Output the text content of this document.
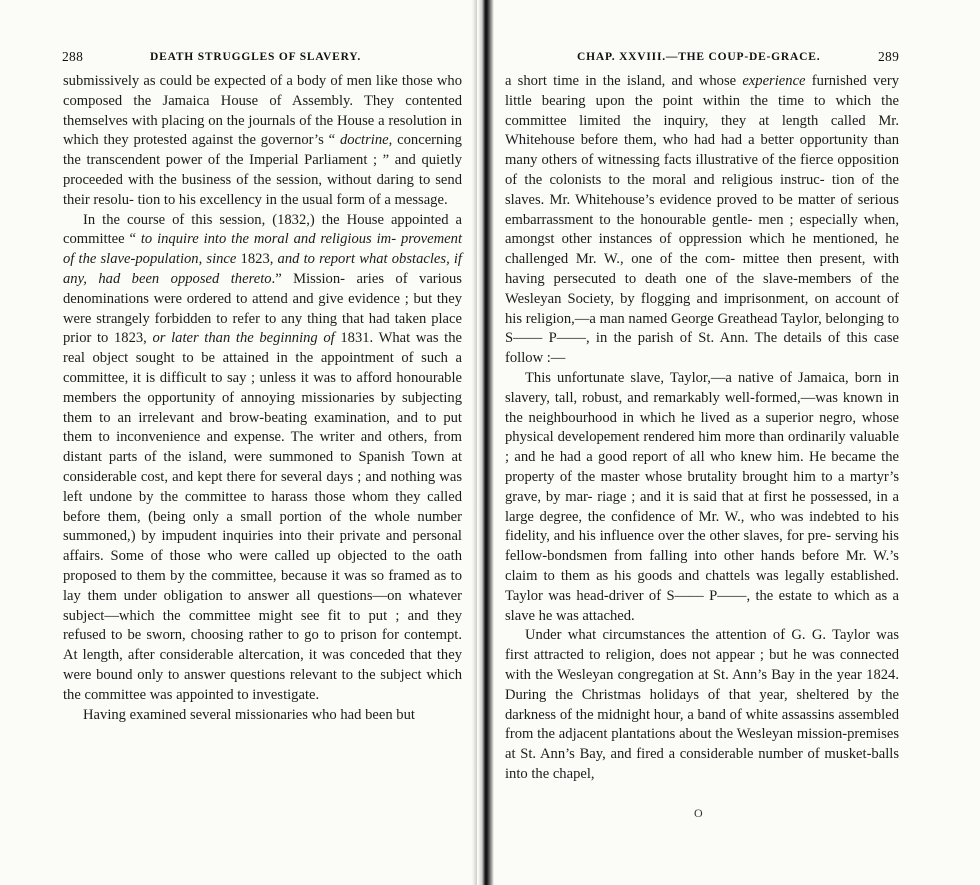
288	DEATH STRUGGLES OF SLAVERY.

submissively as could be expected of a body of men like those who composed the Jamaica House of Assembly. They contented themselves with placing on the journals of the House a resolution in which they protested against the governor’s “ doctrine, concerning the transcendent power of the Imperial Parliament ; ” and quietly proceeded with the business of the session, without daring to send their resolu- tion to his excellency in the usual form of a message.

In the course of this session, (1832,) the House appointed a committee “ to inquire into the moral and religious im- provement of the slave-population, since 1823, and to report what obstacles, if any, had been opposed thereto.” Mission- aries of various denominations were ordered to attend and give evidence ; but they were strangely forbidden to refer to any thing that had taken place prior to 1823, or later than the beginning of 1831. What was the real object sought to be attained in the appointment of such a committee, it is difficult to say ; unless it was to afford honourable members the opportunity of annoying missionaries by subjecting them to an irrelevant and brow-beating examination, and to put them to inconvenience and expense. The writer and others, from distant parts of the island, were summoned to Spanish Town at considerable cost, and kept there for several days ; and nothing was left undone by the committee to harass those whom they called before them, (being only a small portion of the whole number summoned,) by impudent inquiries into their private and personal affairs. Some of those who were called up objected to the oath proposed to them by the committee, because it was so framed as to lay them under obligation to answer all questions—on whatever subject—which the committee might see fit to put ; and they refused to be sworn, choosing rather to go to prison for contempt. At length, after considerable altercation, it was conceded that they were bound only to answer questions relevant to the subject which the committee was appointed to investigate.

Having examined several missionaries who had been but

CHAP. XXVIII.—THE COUP-DE-GRACE.	289

a short time in the island, and whose experience furnished very little bearing upon the point within the time to which the committee limited the inquiry, they at length called Mr. Whitehouse before them, who had had a better opportunity than many others of witnessing facts illustrative of the fierce opposition of the colonists to the moral and religious instruc- tion of the slaves. Mr. Whitehouse’s evidence proved to be matter of serious embarrassment to the honourable gentle- men ; especially when, amongst other instances of oppression which he mentioned, he challenged Mr. W., one of the com- mittee then present, with having persecuted to death one of the slave-members of the Wesleyan Society, by flogging and imprisonment, on account of his religion,—a man named George Greathead Taylor, belonging to S—— P——, in the parish of St. Ann. The details of this case follow :—

This unfortunate slave, Taylor,—a native of Jamaica, born in slavery, tall, robust, and remarkably well-formed,—was known in the neighbourhood in which he lived as a superior negro, whose physical developement rendered him more than ordinarily valuable ; and he had a good report of all who knew him. He became the property of the master whose brutality brought him to a martyr’s grave, by mar- riage ; and it is said that at first he possessed, in a large degree, the confidence of Mr. W., who was indebted to his fidelity, and his influence over the other slaves, for pre- serving his fellow-bondsmen from falling into other hands before Mr. W.’s claim to them as his goods and chattels was legally established. Taylor was head-driver of S—— P——, the estate to which as a slave he was attached.

Under what circumstances the attention of G. G. Taylor was first attracted to religion, does not appear ; but he was connected with the Wesleyan congregation at St. Ann’s Bay in the year 1824. During the Christmas holidays of that year, sheltered by the darkness of the midnight hour, a band of white assassins assembled from the adjacent plantations about the Wesleyan mission-premises at St. Ann’s Bay, and fired a considerable number of musket-balls into the chapel,

O
